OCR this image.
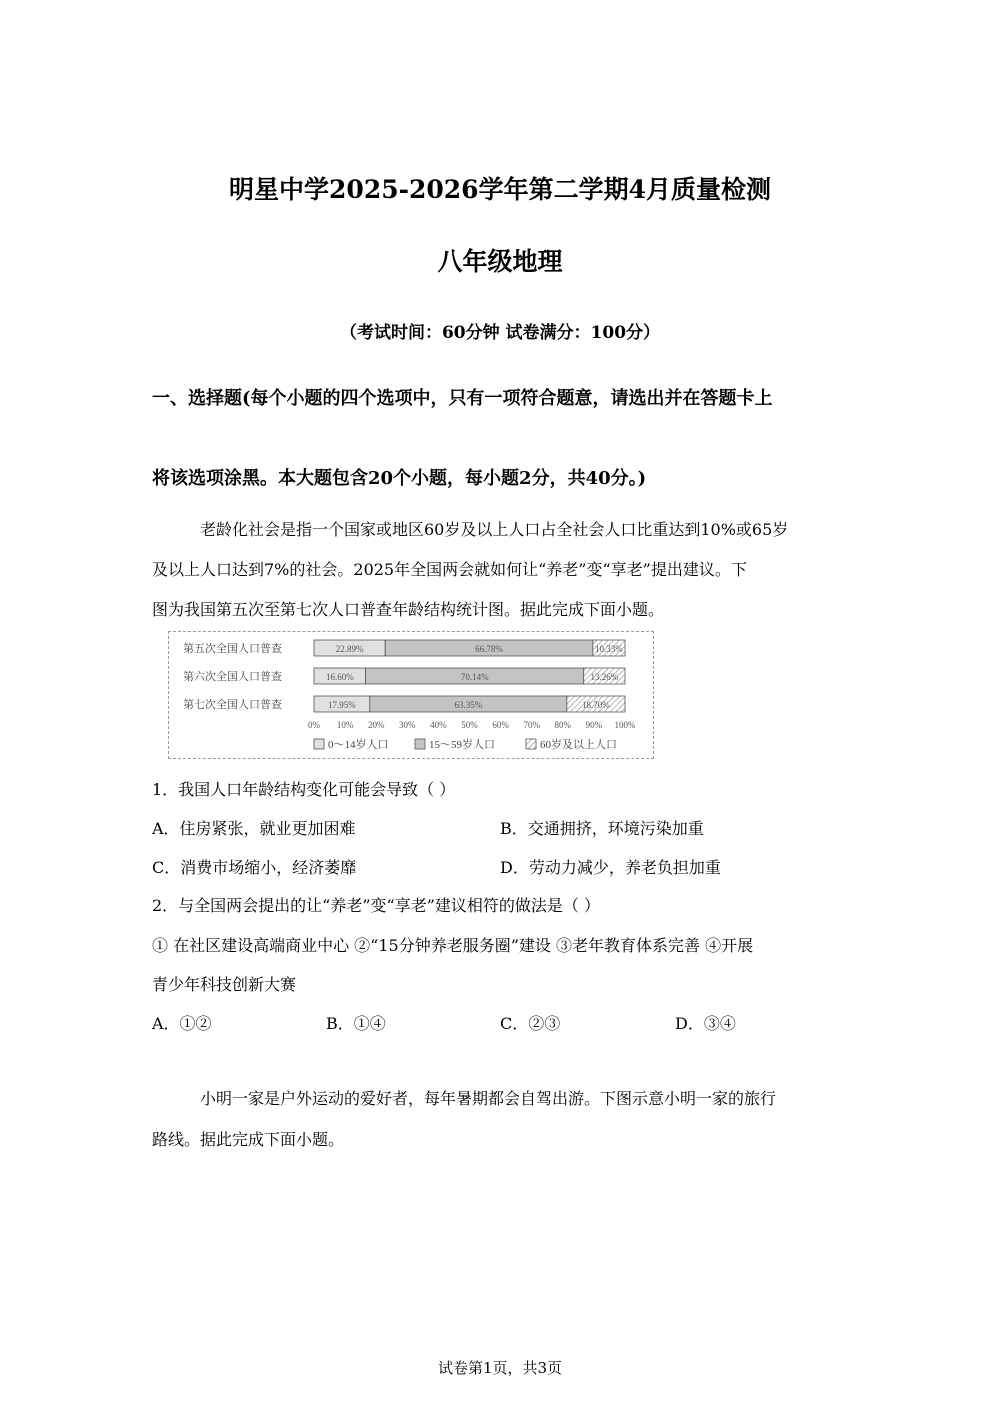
明星中学2025-2026学年第二学期4月质量检测
八年级地理
（考试时间：60分钟 试卷满分：100分）
一、选择题(每个小题的四个选项中，只有一项符合题意，请选出并在答题卡上
将该选项涂黑。本大题包含20个小题，每小题2分，共40分。)
老龄化社会是指一个国家或地区60岁及以上人口占全社会人口比重达到10%或65岁
及以上人口达到7%的社会。2025年全国两会就如何让“养老”变“享老”提出建议。下
图为我国第五次至第七次人口普查年龄结构统计图。据此完成下面小题。
第五次全国人口普查
第六次全国人口普查
第七次全国人口普查
22.89%	66.78%	10.33%
16.60%	70.14%	13.26%
17.95%	63.35%	18.70%
0% 10% 20% 30% 40% 50% 60% 70% 80% 90% 100%
0～14岁人口	15～59岁人口	60岁及以上人口
1．我国人口年龄结构变化可能会导致（ ）
A．住房紧张，就业更加困难	B．交通拥挤，环境污染加重
C．消费市场缩小，经济萎靡	D．劳动力减少，养老负担加重
2．与全国两会提出的让“养老”变“享老”建议相符的做法是（ ）
① 在社区建设高端商业中心 ②“15分钟养老服务圈”建设 ③老年教育体系完善 ④开展
青少年科技创新大赛
A．①②	B．①④	C．②③	D．③④
小明一家是户外运动的爱好者，每年暑期都会自驾出游。下图示意小明一家的旅行
路线。据此完成下面小题。
试卷第1页，共3页
